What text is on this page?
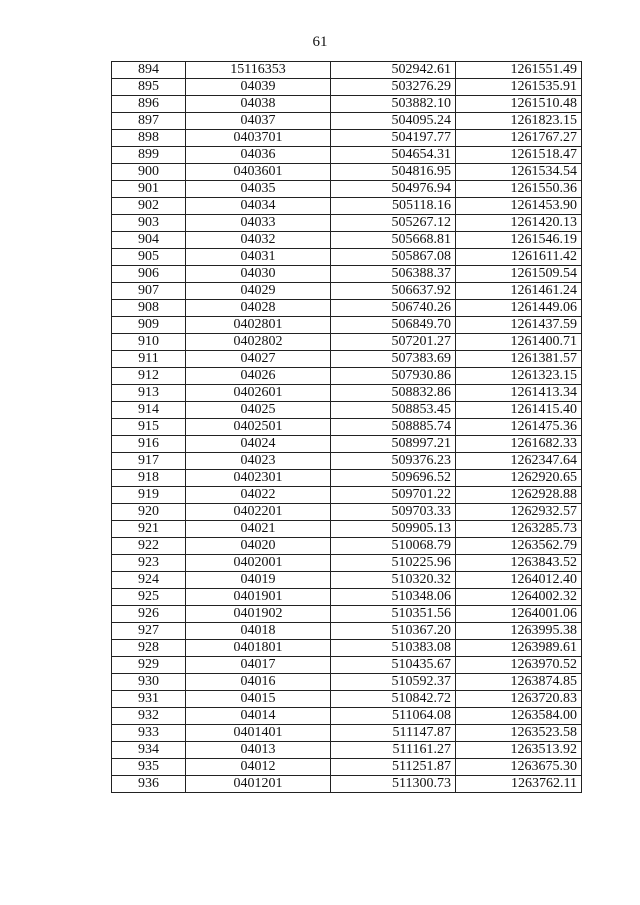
61
894	15116353	502942.61	1261551.49
895	04039	503276.29	1261535.91
896	04038	503882.10	1261510.48
897	04037	504095.24	1261823.15
898	0403701	504197.77	1261767.27
899	04036	504654.31	1261518.47
900	0403601	504816.95	1261534.54
901	04035	504976.94	1261550.36
902	04034	505118.16	1261453.90
903	04033	505267.12	1261420.13
904	04032	505668.81	1261546.19
905	04031	505867.08	1261611.42
906	04030	506388.37	1261509.54
907	04029	506637.92	1261461.24
908	04028	506740.26	1261449.06
909	0402801	506849.70	1261437.59
910	0402802	507201.27	1261400.71
911	04027	507383.69	1261381.57
912	04026	507930.86	1261323.15
913	0402601	508832.86	1261413.34
914	04025	508853.45	1261415.40
915	0402501	508885.74	1261475.36
916	04024	508997.21	1261682.33
917	04023	509376.23	1262347.64
918	0402301	509696.52	1262920.65
919	04022	509701.22	1262928.88
920	0402201	509703.33	1262932.57
921	04021	509905.13	1263285.73
922	04020	510068.79	1263562.79
923	0402001	510225.96	1263843.52
924	04019	510320.32	1264012.40
925	0401901	510348.06	1264002.32
926	0401902	510351.56	1264001.06
927	04018	510367.20	1263995.38
928	0401801	510383.08	1263989.61
929	04017	510435.67	1263970.52
930	04016	510592.37	1263874.85
931	04015	510842.72	1263720.83
932	04014	511064.08	1263584.00
933	0401401	511147.87	1263523.58
934	04013	511161.27	1263513.92
935	04012	511251.87	1263675.30
936	0401201	511300.73	1263762.11
